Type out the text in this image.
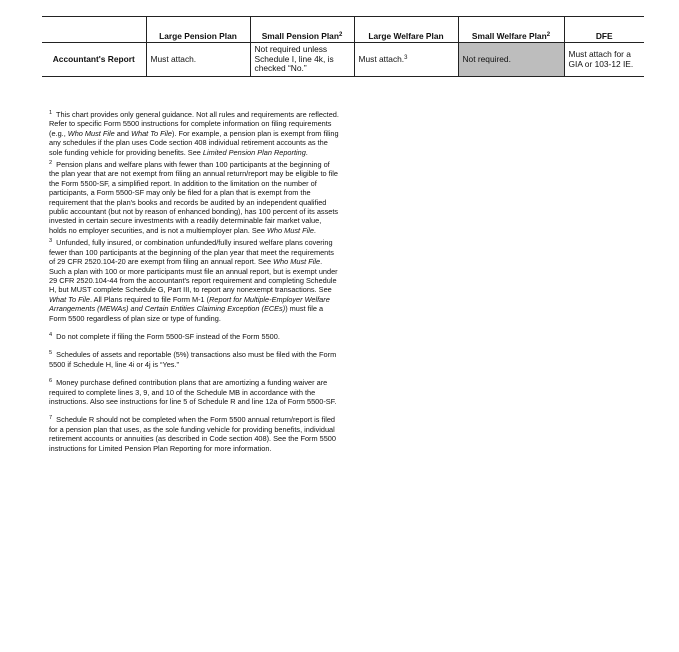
	Large Pension Plan	Small Pension Plan$^2$	Large Welfare Plan	Small Welfare Plan$^2$	DFE
Accountant's Report	Must attach.	Not required unless Schedule I, line 4k, is checked “No.”	Must attach.$^3$	Not required.	Must attach for a GIA or 103-12 IE.

$^1$ This chart provides only general guidance. Not all rules and requirements are reflected. Refer to specific Form 5500 instructions for complete information on filing requirements (e.g., Who Must File and What To File). For example, a pension plan is exempt from filing any schedules if the plan uses Code section 408 individual retirement accounts as the sole funding vehicle for providing benefits. See Limited Pension Plan Reporting.

$^2$ Pension plans and welfare plans with fewer than 100 participants at the beginning of the plan year that are not exempt from filing an annual return/report may be eligible to file the Form 5500-SF, a simplified report. In addition to the limitation on the number of participants, a Form 5500-SF may only be filed for a plan that is exempt from the requirement that the plan's books and records be audited by an independent qualified public accountant (but not by reason of enhanced bonding), has 100 percent of its assets invested in certain secure investments with a readily determinable fair market value, holds no employer securities, and is not a multiemployer plan. See Who Must File.

$^3$ Unfunded, fully insured, or combination unfunded/fully insured welfare plans covering fewer than 100 participants at the beginning of the plan year that meet the requirements of 29 CFR 2520.104-20 are exempt from filing an annual report. See Who Must File. Such a plan with 100 or more participants must file an annual report, but is exempt under 29 CFR 2520.104-44 from the accountant's report requirement and completing Schedule H, but MUST complete Schedule G, Part III, to report any nonexempt transactions. See What To File. All Plans required to file Form M-1 (Report for Multiple-Employer Welfare Arrangements (MEWAs) and Certain Entities Claiming Exception (ECEs)) must file a Form 5500 regardless of plan size or type of funding.

$^4$ Do not complete if filing the Form 5500-SF instead of the Form 5500.

$^5$ Schedules of assets and reportable (5%) transactions also must be filed with the Form 5500 if Schedule H, line 4i or 4j is “Yes.”

$^6$ Money purchase defined contribution plans that are amortizing a funding waiver are required to complete lines 3, 9, and 10 of the Schedule MB in accordance with the instructions. Also see instructions for line 5 of Schedule R and line 12a of Form 5500-SF.

$^7$ Schedule R should not be completed when the Form 5500 annual return/report is filed for a pension plan that uses, as the sole funding vehicle for providing benefits, individual retirement accounts or annuities (as described in Code section 408). See the Form 5500 instructions for Limited Pension Plan Reporting for more information.
